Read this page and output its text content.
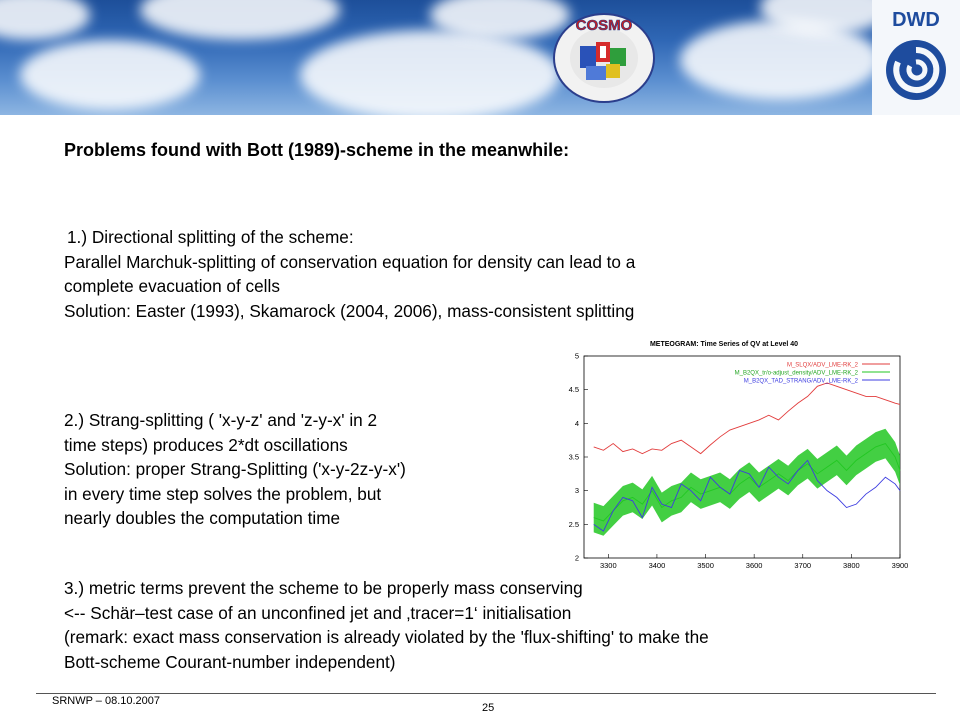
COSMO	DWD
Problems found with Bott (1989)-scheme in the meanwhile:
1.) Directional splitting of the scheme:
Parallel Marchuk-splitting of conservation equation for density can lead to a
complete evacuation of cells
Solution: Easter (1993), Skamarock (2004, 2006), mass-consistent splitting
2.) Strang-splitting ( 'x-y-z' and 'z-y-x' in 2
time steps) produces 2*dt oscillations
Solution: proper Strang-Splitting ('x-y-2z-y-x')
in every time step solves the problem, but
nearly doubles the computation time
3.) metric terms prevent the scheme to be properly mass conserving
<-- Schär–test case of an unconfined jet and ‚tracer=1‘ initialisation
(remark: exact mass conservation is already violated by the 'flux-shifting' to make the
Bott-scheme Courant-number independent)
METEOGRAM: Time Series of QV at Level 40
2
2.5
3
3.5
4
4.5
5
3300	3400	3500	3600	3700	3800	3900
M_SLQX/ADV_LME-RK_2
M_B2QX_tr/o-adjust_density/ADV_LME-RK_2
M_B2QX_TAD_STRANG/ADV_LME-RK_2
SRNWP – 08.10.2007
25
